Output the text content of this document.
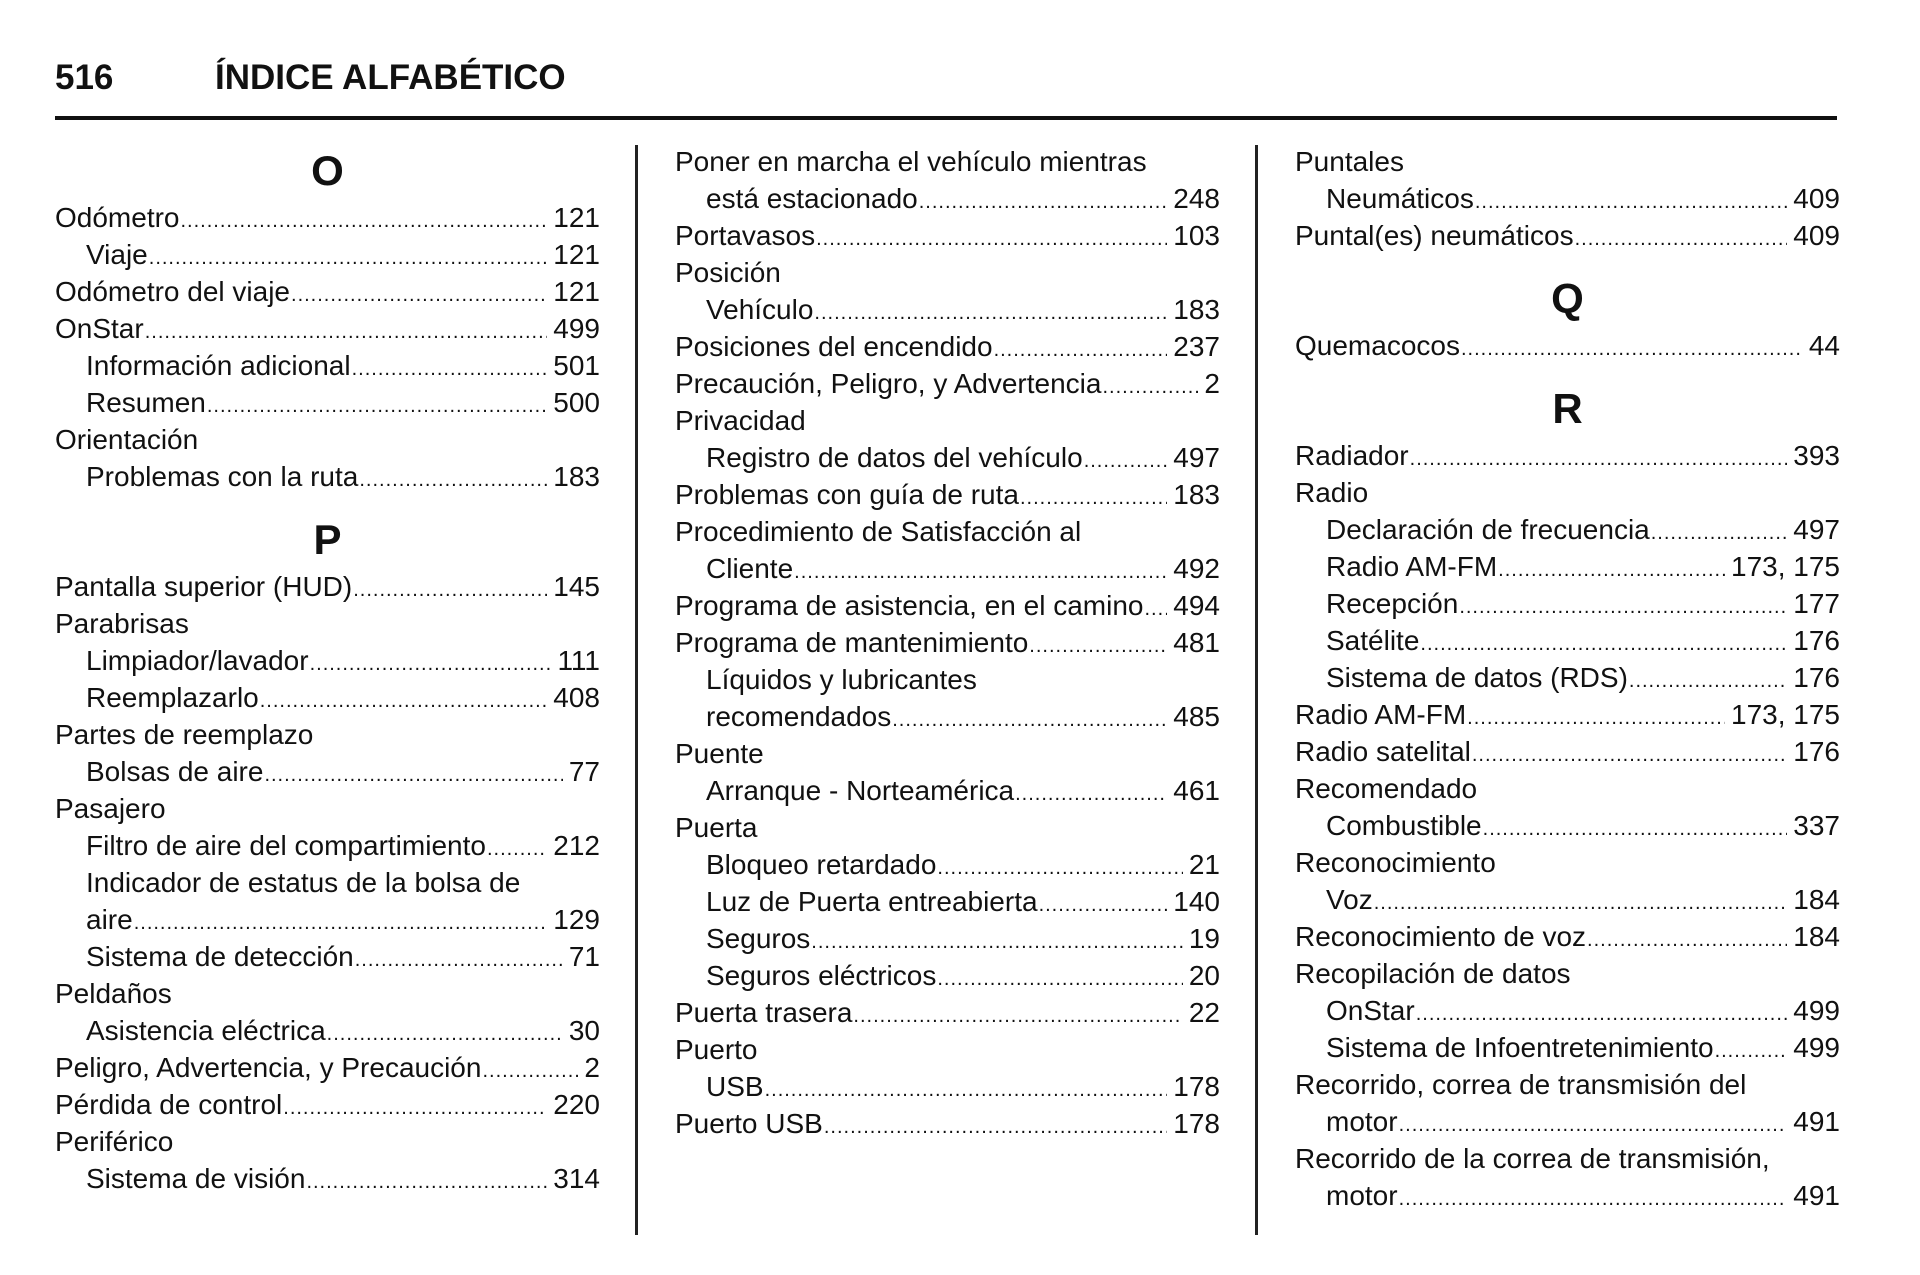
516	ÍNDICE ALFABÉTICO
O
Odómetro .....	121
Viaje .....	121
Odómetro del viaje .....	121
OnStar .....	499
Información adicional .....	501
Resumen .....	500
Orientación
Problemas con la ruta .....	183
P
Pantalla superior (HUD) .....	145
Parabrisas
Limpiador/lavador .....	111
Reemplazarlo .....	408
Partes de reemplazo
Bolsas de aire .....	77
Pasajero
Filtro de aire del compartimiento ..... 212
Indicador de estatus de la bolsa de
aire .....	129
Sistema de detección .....	71
Peldaños
Asistencia eléctrica .....	30
Peligro, Advertencia, y Precaución .....	2
Pérdida de control .....	220
Periférico
Sistema de visión .....	314
Poner en marcha el vehículo mientras
está estacionado .....	248
Portavasos .....	103
Posición
Vehículo .....	183
Posiciones del encendido .....	237
Precaución, Peligro, y Advertencia .....	2
Privacidad
Registro de datos del vehículo .....	497
Problemas con guía de ruta .....	183
Procedimiento de Satisfacción al
Cliente .....	492
Programa de asistencia, en el camino ..... 494
Programa de mantenimiento .....	481
Líquidos y lubricantes
recomendados .....	485
Puente
Arranque - Norteamérica .....	461
Puerta
Bloqueo retardado .....	21
Luz de Puerta entreabierta .....	140
Seguros .....	19
Seguros eléctricos .....	20
Puerta trasera .....	22
Puerto
USB .....	178
Puerto USB .....	178
Puntales
Neumáticos .....	409
Puntal(es) neumáticos .....	409
Q
Quemacocos .....	44
R
Radiador .....	393
Radio
Declaración de frecuencia .....	497
Radio AM-FM .....	173, 175
Recepción .....	177
Satélite .....	176
Sistema de datos (RDS) .....	176
Radio AM-FM .....	173, 175
Radio satelital .....	176
Recomendado
Combustible .....	337
Reconocimiento
Voz .....	184
Reconocimiento de voz .....	184
Recopilación de datos
OnStar .....	499
Sistema de Infoentretenimiento .....	499
Recorrido, correa de transmisión del
motor .....	491
Recorrido de la correa de transmisión,
motor .....	491
